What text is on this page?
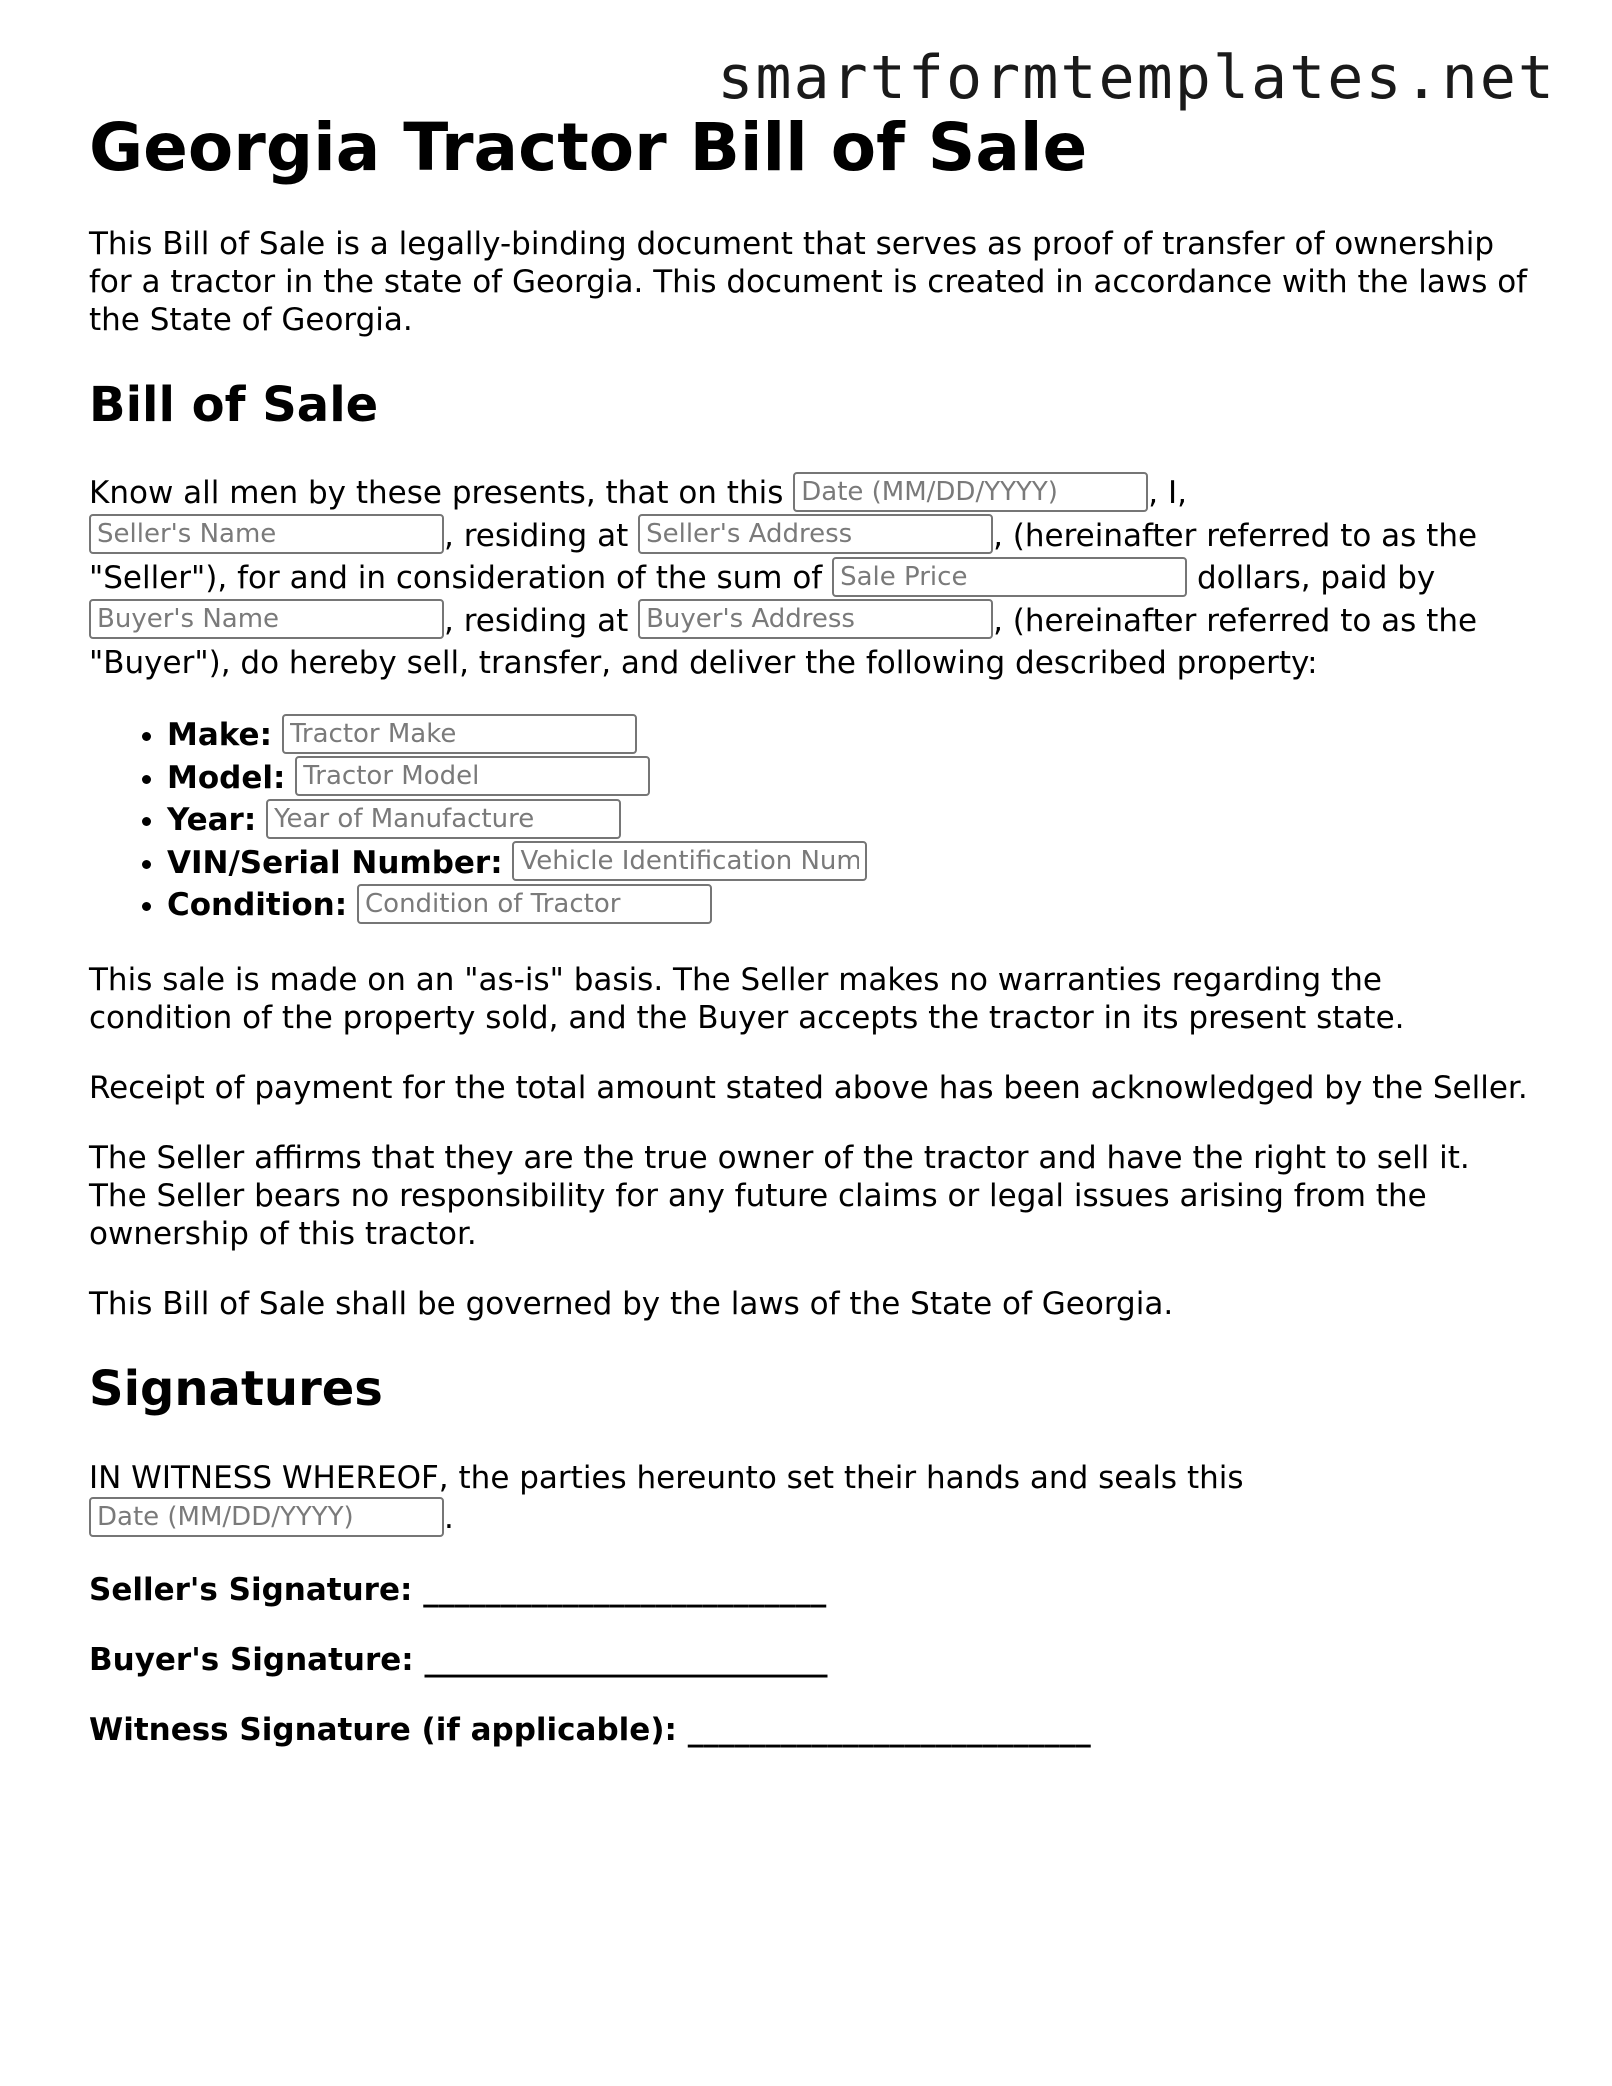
smartformtemplates.net
Georgia Tractor Bill of Sale

This Bill of Sale is a legally-binding document that serves as proof of transfer of ownership for a tractor in the state of Georgia. This document is created in accordance with the laws of the State of Georgia.

Bill of Sale

Know all men by these presents, that on this Date (MM/DD/YYYY)	, I, Seller's Name, residing at Seller's Address	, (hereinafter referred to as the "Seller"), for and in consideration of the sum of Sale Price	dollars, paid by Buyer's Name, residing at Buyer's Address	, (hereinafter referred to as the "Buyer"), do hereby sell, transfer, and deliver the following described property:

• Make: Tractor Make
• Model: Tractor Model
• Year: Year of Manufacture
• VIN/Serial Number: Vehicle Identification Number
• Condition: Condition of Tractor

This sale is made on an "as-is" basis. The Seller makes no warranties regarding the condition of the property sold, and the Buyer accepts the tractor in its present state.

Receipt of payment for the total amount stated above has been acknowledged by the Seller.

The Seller affirms that they are the true owner of the tractor and have the right to sell it. The Seller bears no responsibility for any future claims or legal issues arising from the ownership of this tractor.

This Bill of Sale shall be governed by the laws of the State of Georgia.

Signatures

IN WITNESS WHEREOF, the parties hereunto set their hands and seals this
Date (MM/DD/YYYY).

Seller's Signature: __________________________

Buyer's Signature: __________________________

Witness Signature (if applicable): __________________________
